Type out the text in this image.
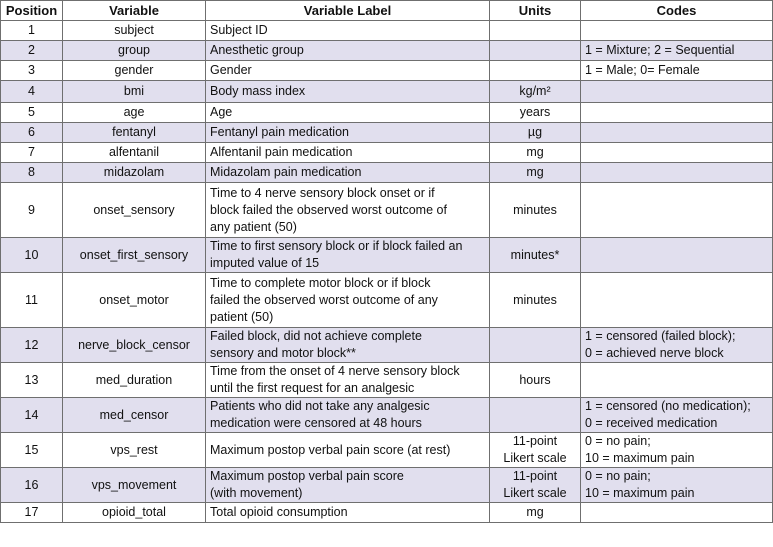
Position	Variable	Variable Label	Units	Codes
1	subject	Subject ID		
2	group	Anesthetic group		1 = Mixture; 2 = Sequential
3	gender	Gender		1 = Male; 0= Female
4	bmi	Body mass index	kg/m²	
5	age	Age	years	
6	fentanyl	Fentanyl pain medication	µg	
7	alfentanil	Alfentanil pain medication	mg	
8	midazolam	Midazolam pain medication	mg	
9	onset_sensory	Time to 4 nerve sensory block onset or if
block failed the observed worst outcome of
any patient (50)	minutes	
10	onset_first_sensory	Time to first sensory block or if block failed an
imputed value of 15	minutes*	
11	onset_motor	Time to complete motor block or if block
failed the observed worst outcome of any
patient (50)	minutes	
12	nerve_block_censor	Failed block, did not achieve complete
sensory and motor block**		1 = censored (failed block);
0 = achieved nerve block

13	med_duration	Time from the onset of 4 nerve sensory block
until the first request for an analgesic	hours	
14	med_censor	Patients who did not take any analgesic
medication were censored at 48 hours		1 = censored (no medication);
0 = received medication

15	vps_rest	Maximum postop verbal pain score (at rest)	11-point
Likert scale	0 = no pain;
10 = maximum pain

16	vps_movement	Maximum postop verbal pain score
(with movement)	11-point
Likert scale	0 = no pain;
10 = maximum pain

17	opioid_total	Total opioid consumption	mg	
